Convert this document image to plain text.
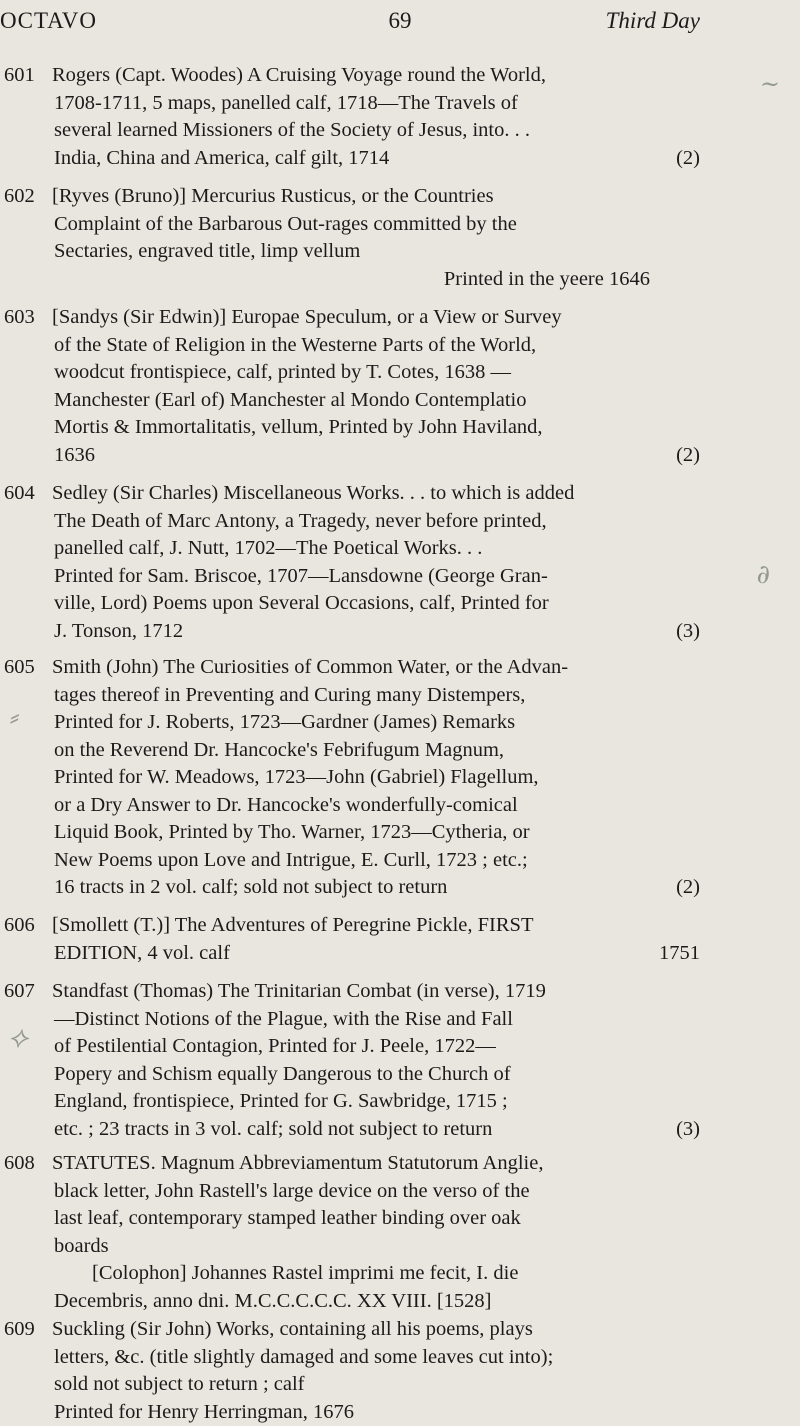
OCTAVO	69	Third Day
601 Rogers (Capt. Woodes) A Cruising Voyage round the World,
1708-1711, 5 maps, panelled calf, 1718—The Travels of
several learned Missioners of the Society of Jesus, into. . .
India, China and America, calf gilt, 1714	(2)
602 [Ryves (Bruno)] Mercurius Rusticus, or the Countries
Complaint of the Barbarous Out-rages committed by the
Sectaries, engraved title, limp vellum
Printed in the yeere 1646
603 [Sandys (Sir Edwin)] Europae Speculum, or a View or Survey
of the State of Religion in the Westerne Parts of the World,
woodcut frontispiece, calf, printed by T. Cotes, 1638 —
Manchester (Earl of) Manchester al Mondo Contemplatio
Mortis & Immortalitatis, vellum, Printed by John Haviland,
1636	(2)
604 Sedley (Sir Charles) Miscellaneous Works. . . to which is added
The Death of Marc Antony, a Tragedy, never before printed,
panelled calf, J. Nutt, 1702—The Poetical Works. . .
Printed for Sam. Briscoe, 1707—Lansdowne (George Gran-
ville, Lord) Poems upon Several Occasions, calf, Printed for
J. Tonson, 1712	(3)
605 Smith (John) The Curiosities of Common Water, or the Advan-
tages thereof in Preventing and Curing many Distempers,
Printed for J. Roberts, 1723—Gardner (James) Remarks
on the Reverend Dr. Hancocke's Febrifugum Magnum,
Printed for W. Meadows, 1723—John (Gabriel) Flagellum,
or a Dry Answer to Dr. Hancocke's wonderfully-comical
Liquid Book, Printed by Tho. Warner, 1723—Cytheria, or
New Poems upon Love and Intrigue, E. Curll, 1723 ; etc.;
16 tracts in 2 vol. calf; sold not subject to return	(2)
606 [Smollett (T.)] The Adventures of Peregrine Pickle, FIRST
EDITION, 4 vol. calf	1751
607 Standfast (Thomas) The Trinitarian Combat (in verse), 1719
—Distinct Notions of the Plague, with the Rise and Fall
of Pestilential Contagion, Printed for J. Peele, 1722—
Popery and Schism equally Dangerous to the Church of
England, frontispiece, Printed for G. Sawbridge, 1715 ;
etc. ; 23 tracts in 3 vol. calf; sold not subject to return	(3)
608 STATUTES. Magnum Abbreviamentum Statutorum Anglie,
black letter, John Rastell's large device on the verso of the
last leaf, contemporary stamped leather binding over oak
boards
[Colophon] Johannes Rastel imprimi me fecit, I. die
Decembris, anno dni. M.C.C.C.C.C. XX VIII. [1528]
609 Suckling (Sir John) Works, containing all his poems, plays
letters, &c. (title slightly damaged and some leaves cut into);
sold not subject to return ; calf
Printed for Henry Herringman, 1676
~
∂
⸗
⟡
